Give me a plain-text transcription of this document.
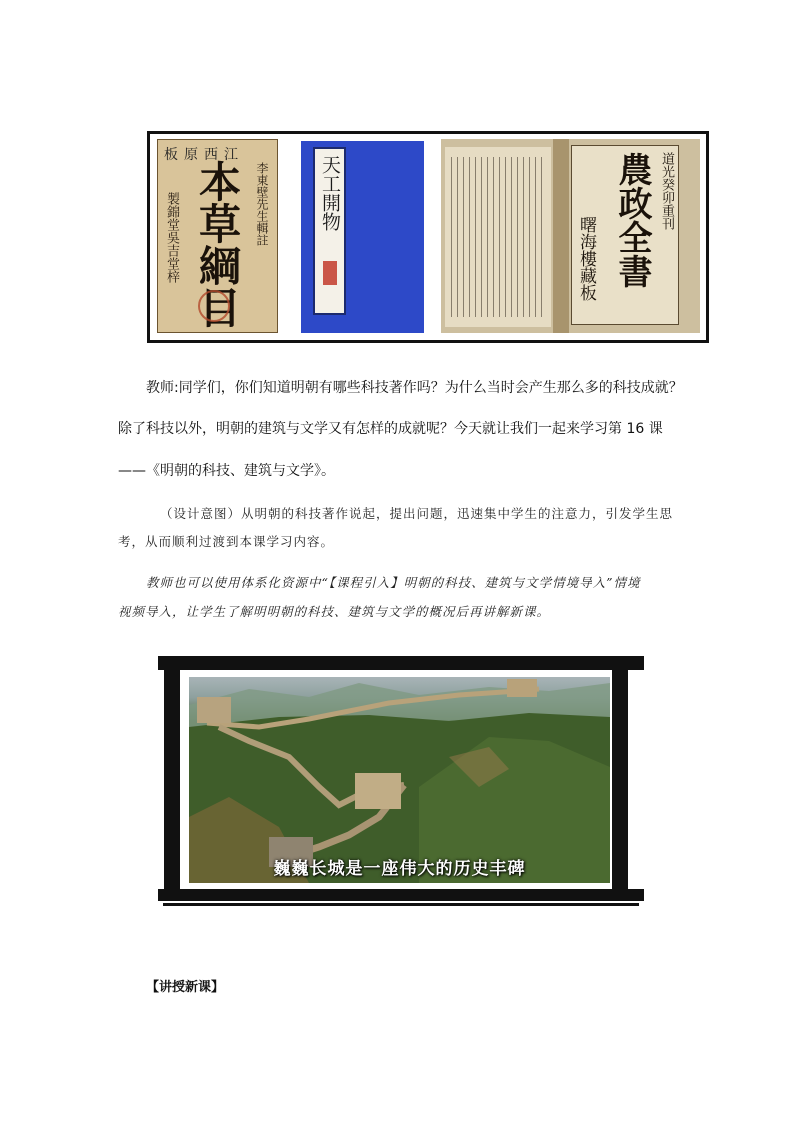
板原西江
李東壁先生輯註
製錦堂吳吉堂梓 本草綱目	天工開物	道光癸卯重刊
農政全書
曙海樓藏板
教师:同学们，你们知道明朝有哪些科技著作吗？为什么当时会产生那么多的科技成就？
除了科技以外，明朝的建筑与文学又有怎样的成就呢？今天就让我们一起来学习第 16 课
——《明朝的科技、建筑与文学》。
（设计意图）从明朝的科技著作说起，提出问题，迅速集中学生的注意力，引发学生思
考，从而顺利过渡到本课学习内容。
教师也可以使用体系化资源中“【课程引入】明朝的科技、建筑与文学情境导入”情境
视频导入，让学生了解明明朝的科技、建筑与文学的概况后再讲解新课。
巍巍长城是一座伟大的历史丰碑
【讲授新课】
